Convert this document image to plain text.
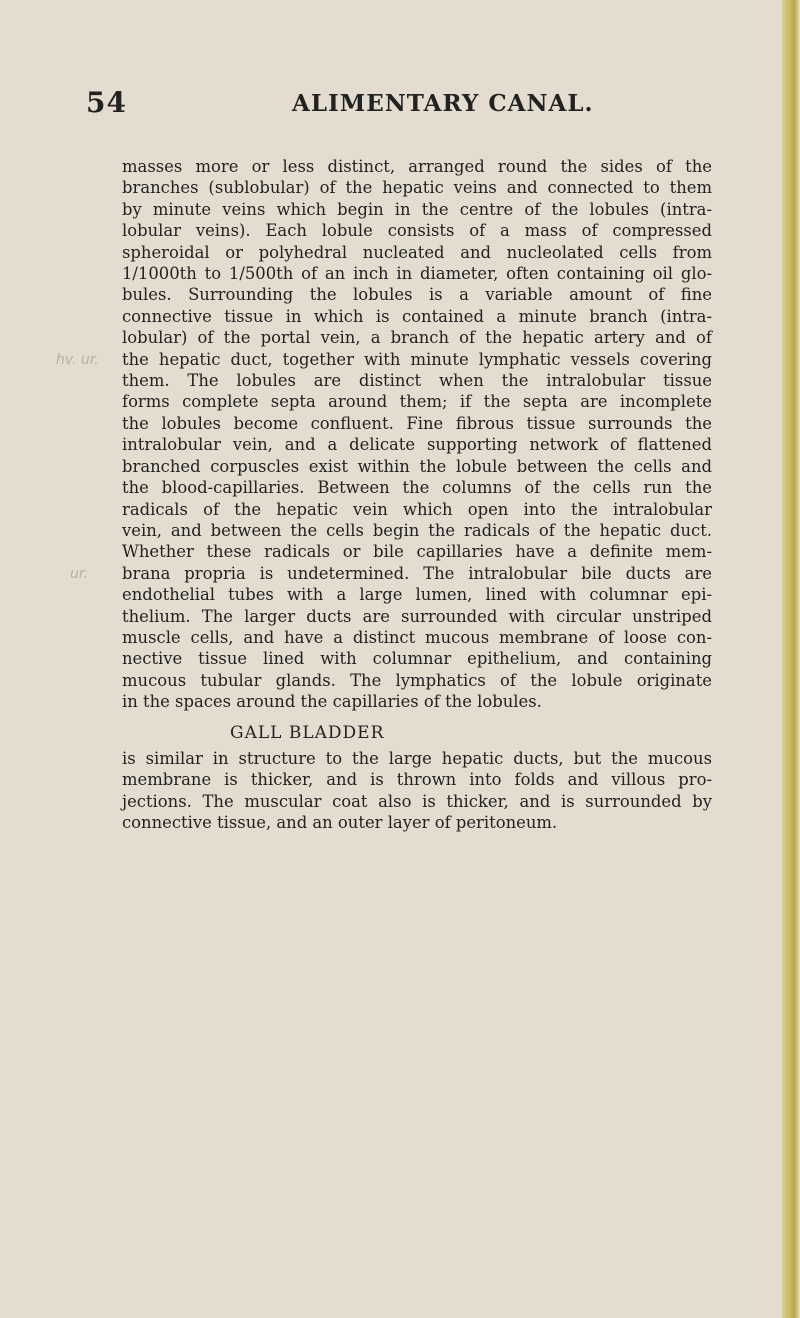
54	ALIMENTARY CANAL.
hv. ur.
ur.
masses more or less distinct, arranged round the sides of the
branches (sublobular) of the hepatic veins and connected to them
by minute veins which begin in the centre of the lobules (intra-
lobular veins). Each lobule consists of a mass of compressed
spheroidal or polyhedral nucleated and nucleolated cells from
1/1000th to 1/500th of an inch in diameter, often containing oil glo-
bules. Surrounding the lobules is a variable amount of fine
connective tissue in which is contained a minute branch (intra-
lobular) of the portal vein, a branch of the hepatic artery and of
the hepatic duct, together with minute lymphatic vessels covering
them. The lobules are distinct when the intralobular tissue
forms complete septa around them; if the septa are incomplete
the lobules become confluent. Fine fibrous tissue surrounds the
intralobular vein, and a delicate supporting network of flattened
branched corpuscles exist within the lobule between the cells and
the blood-capillaries. Between the columns of the cells run the
radicals of the hepatic vein which open into the intralobular
vein, and between the cells begin the radicals of the hepatic duct.
Whether these radicals or bile capillaries have a definite mem-
brana propria is undetermined. The intralobular bile ducts are
endothelial tubes with a large lumen, lined with columnar epi-
thelium. The larger ducts are surrounded with circular unstriped
muscle cells, and have a distinct mucous membrane of loose con-
nective tissue lined with columnar epithelium, and containing
mucous tubular glands. The lymphatics of the lobule originate
in the spaces around the capillaries of the lobules.
GALL BLADDER
is similar in structure to the large hepatic ducts, but the mucous
membrane is thicker, and is thrown into folds and villous pro-
jections. The muscular coat also is thicker, and is surrounded by
connective tissue, and an outer layer of peritoneum.
